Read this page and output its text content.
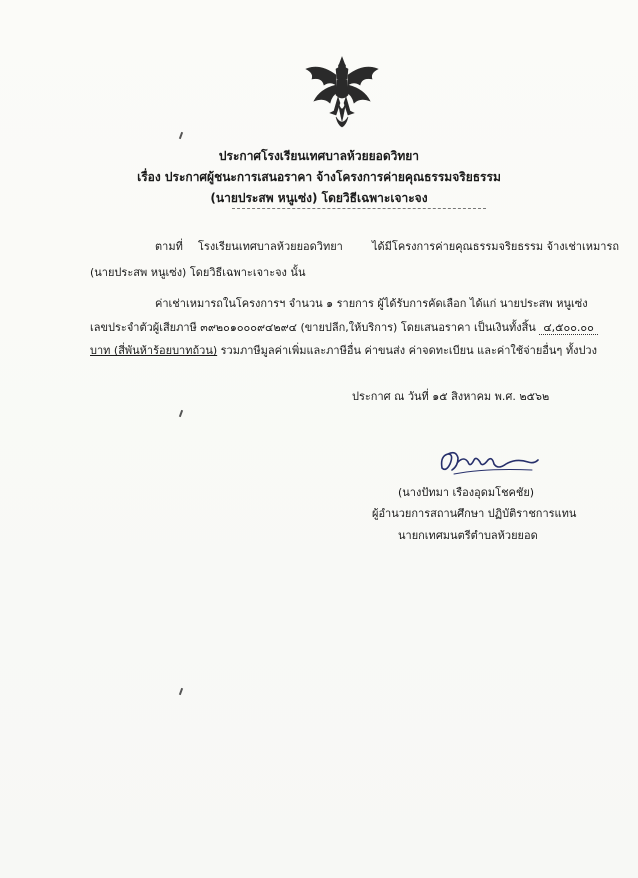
ประกาศโรงเรียนเทศบาลห้วยยอดวิทยา
เรื่อง ประกาศผู้ชนะการเสนอราคา จ้างโครงการค่ายคุณธรรมจริยธรรม
(นายประสพ หนูเซ่ง) โดยวิธีเฉพาะเจาะจง
ตามที่ โรงเรียนเทศบาลห้วยยอดวิทยา	ได้มีโครงการค่ายคุณธรรมจริยธรรม จ้างเช่าเหมารถ
(นายประสพ หนูเซ่ง) โดยวิธีเฉพาะเจาะจง นั้น
ค่าเช่าเหมารถในโครงการฯ จำนวน ๑ รายการ ผู้ได้รับการคัดเลือก ได้แก่ นายประสพ หนูเซ่ง
เลขประจำตัวผู้เสียภาษี ๓๙๒๐๑๐๐๐๙๔๒๙๔ (ขายปลีก,ให้บริการ) โดยเสนอราคา เป็นเงินทั้งสิ้น ๔,๕๐๐.๐๐
บาท (สี่พันห้าร้อยบาทถ้วน) รวมภาษีมูลค่าเพิ่มและภาษีอื่น ค่าขนส่ง ค่าจดทะเบียน และค่าใช้จ่ายอื่นๆ ทั้งปวง
ประกาศ ณ วันที่ ๑๕ สิงหาคม พ.ศ. ๒๕๖๒
(นางปัทมา เรืองอุดมโชคชัย)
ผู้อำนวยการสถานศึกษา ปฏิบัติราชการแทน
นายกเทศมนตรีตำบลห้วยยอด
